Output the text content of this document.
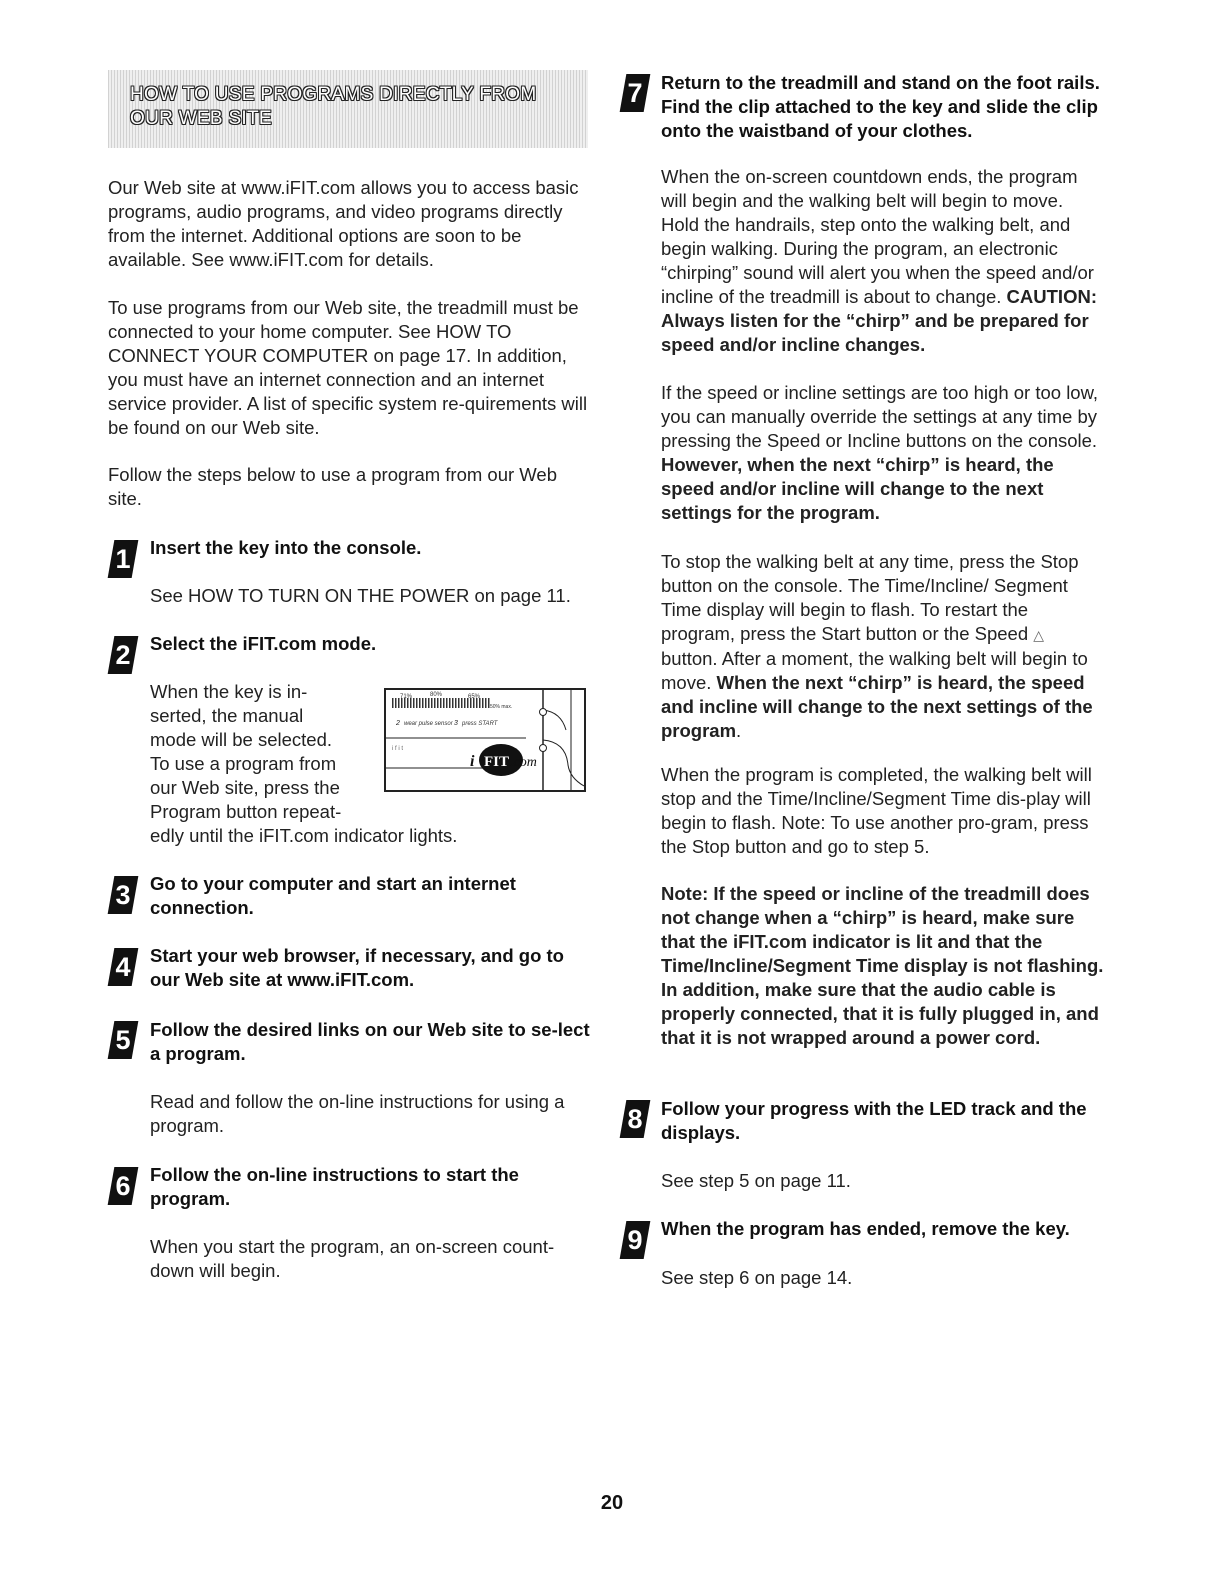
HOW TO USE PROGRAMS DIRECTLY FROM
OUR WEB SITE

Our Web site at www.iFIT.com allows you to access basic programs, audio programs, and video programs directly from the internet. Additional options are soon to be available. See www.iFIT.com for details.

To use programs from our Web site, the treadmill must be connected to your home computer. See HOW TO CONNECT YOUR COMPUTER on page 17. In addition, you must have an internet connection and an internet service provider. A list of specific system re-quirements will be found on our Web site.

Follow the steps below to use a program from our Web site.

1 Insert the key into the console.

See HOW TO TURN ON THE POWER on page 11.

2 Select the iFIT.com mode.

When the key is in-
serted, the manual
mode will be selected.
To use a program from
our Web site, press the
Program button repeat-
edly until the iFIT.com indicator lights.
71%	80%	65%
50% max.
2 wear pulse sensor 3 press START
i f i t
i FIT .com
3 Go to your computer and start an internet connection.

4 Start your web browser, if necessary, and go to our Web site at www.iFIT.com.

5 Follow the desired links on our Web site to se-lect a program.

Read and follow the on-line instructions for using a program.

6 Follow the on-line instructions to start the program.

When you start the program, an on-screen count-down will begin.

7 Return to the treadmill and stand on the foot rails. Find the clip attached to the key and slide the clip onto the waistband of your clothes.

When the on-screen countdown ends, the program will begin and the walking belt will begin to move. Hold the handrails, step onto the walking belt, and begin walking. During the program, an electronic “chirping” sound will alert you when the speed and/or incline of the treadmill is about to change. CAUTION: Always listen for the “chirp” and be prepared for speed and/or incline changes.

If the speed or incline settings are too high or too low, you can manually override the settings at any time by pressing the Speed or Incline buttons on the console. However, when the next “chirp” is heard, the speed and/or incline will change to the next settings for the program.

To stop the walking belt at any time, press the Stop button on the console. The Time/Incline/ Segment Time display will begin to flash. To restart the program, press the Start button or the Speed △ button. After a moment, the walking belt will begin to move. When the next “chirp” is heard, the speed and incline will change to the next settings of the program.

When the program is completed, the walking belt will stop and the Time/Incline/Segment Time dis-play will begin to flash. Note: To use another pro-gram, press the Stop button and go to step 5.

Note: If the speed or incline of the treadmill does not change when a “chirp” is heard, make sure that the iFIT.com indicator is lit and that the Time/Incline/Segment Time display is not flashing. In addition, make sure that the audio cable is properly connected, that it is fully plugged in, and that it is not wrapped around a power cord.

8 Follow your progress with the LED track and the displays.

See step 5 on page 11.

9 When the program has ended, remove the key.

See step 6 on page 14.

20
